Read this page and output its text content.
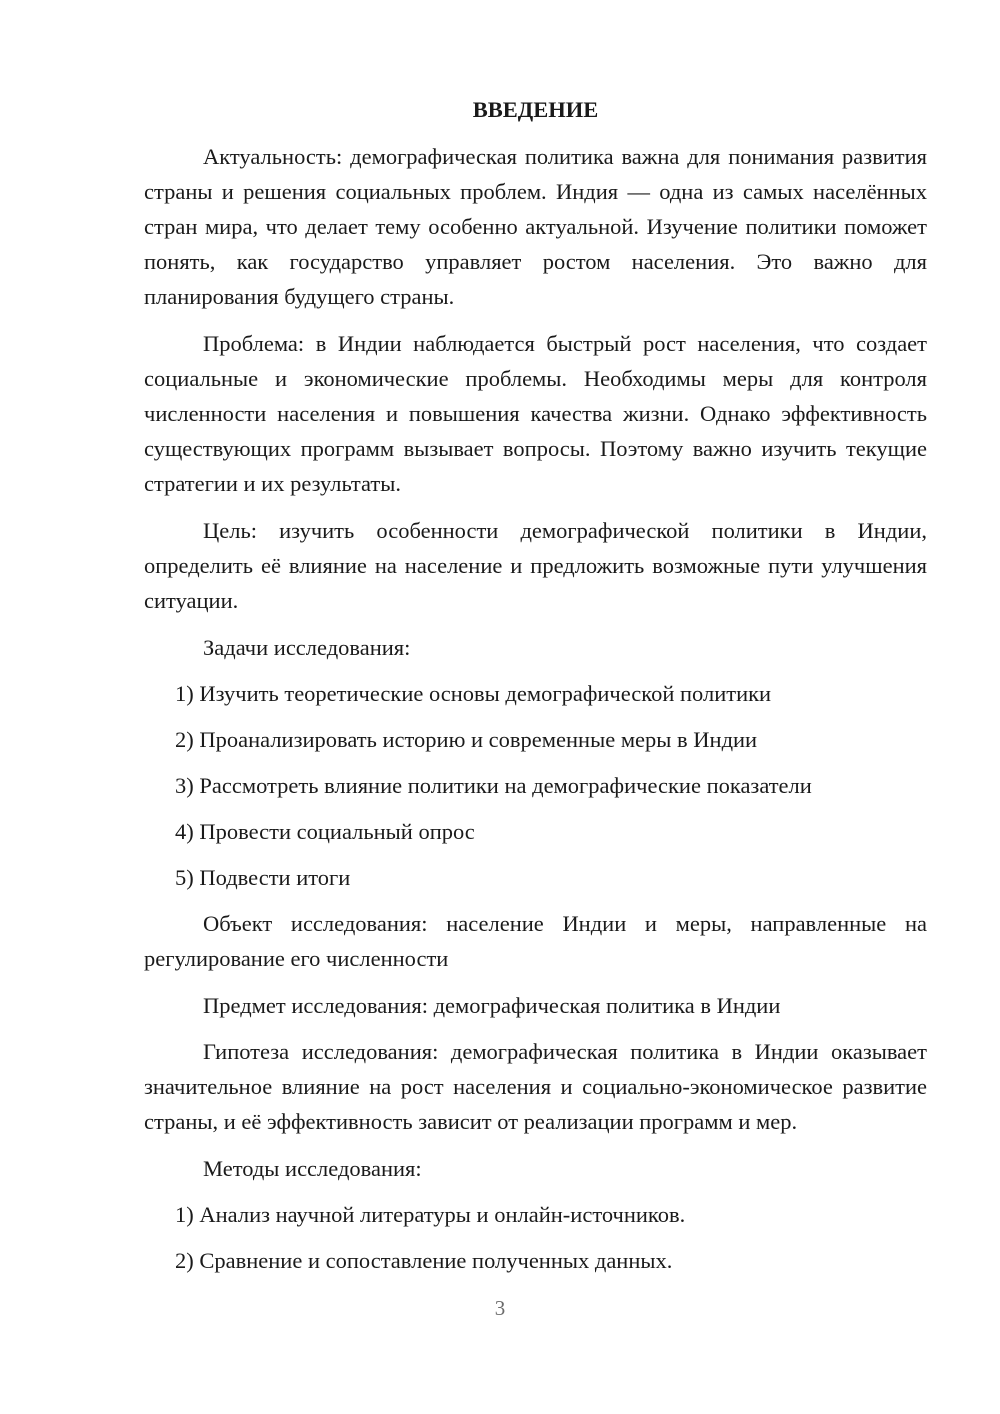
ВВЕДЕНИЕ
Актуальность: демографическая политика важна для понимания развития страны и решения социальных проблем. Индия — одна из самых населённых стран мира, что делает тему особенно актуальной. Изучение политики поможет понять, как государство управляет ростом населения. Это важно для планирования будущего страны.
Проблема: в Индии наблюдается быстрый рост населения, что создает социальные и экономические проблемы. Необходимы меры для контроля численности населения и повышения качества жизни. Однако эффективность существующих программ вызывает вопросы. Поэтому важно изучить текущие стратегии и их результаты.
Цель: изучить особенности демографической политики в Индии, определить её влияние на население и предложить возможные пути улучшения ситуации.
Задачи исследования:
1) Изучить теоретические основы демографической политики
2) Проанализировать историю и современные меры в Индии
3) Рассмотреть влияние политики на демографические показатели
4) Провести социальный опрос
5) Подвести итоги
Объект исследования: население Индии и меры, направленные на регулирование его численности
Предмет исследования: демографическая политика в Индии
Гипотеза исследования: демографическая политика в Индии оказывает значительное влияние на рост населения и социально-экономическое развитие страны, и её эффективность зависит от реализации программ и мер.
Методы исследования:
1) Анализ научной литературы и онлайн-источников.
2) Сравнение и сопоставление полученных данных.
3
